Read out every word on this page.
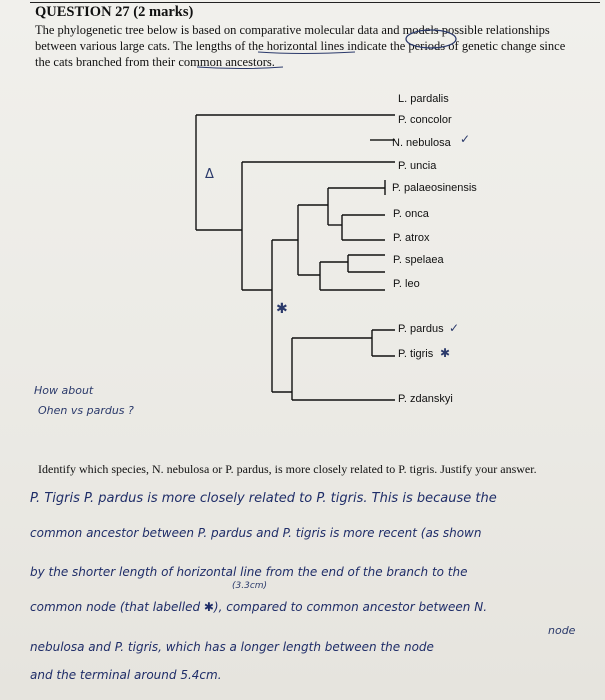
QUESTION 27 (2 marks)
The phylogenetic tree below is based on comparative molecular data and models possible relationships
between various large cats. The lengths of the horizontal lines indicate the periods of genetic change since
the cats branched from their common ancestors.
Δ
✱
L. pardalis
P. concolor
N. nebulosa
P. uncia
P. palaeosinensis
P. onca
P. atrox
P. spelaea
P. leo
P. pardus
P. tigris
P. zdanskyi
✓
✓
✱
How about
Ohen vs pardus ?
Identify which species, N. nebulosa or P. pardus, is more closely related to P. tigris. Justify your answer.
P. Tigris P. pardus is more closely related to P. tigris. This is because the
common ancestor between P. pardus and P. tigris is more recent (as shown
by the shorter length of horizontal line from the end of the branch to the
(3.3cm)
common node (that labelled ✱), compared to common ancestor between N.
node
nebulosa and P. tigris, which has a longer length between the node
and the terminal around 5.4cm.
